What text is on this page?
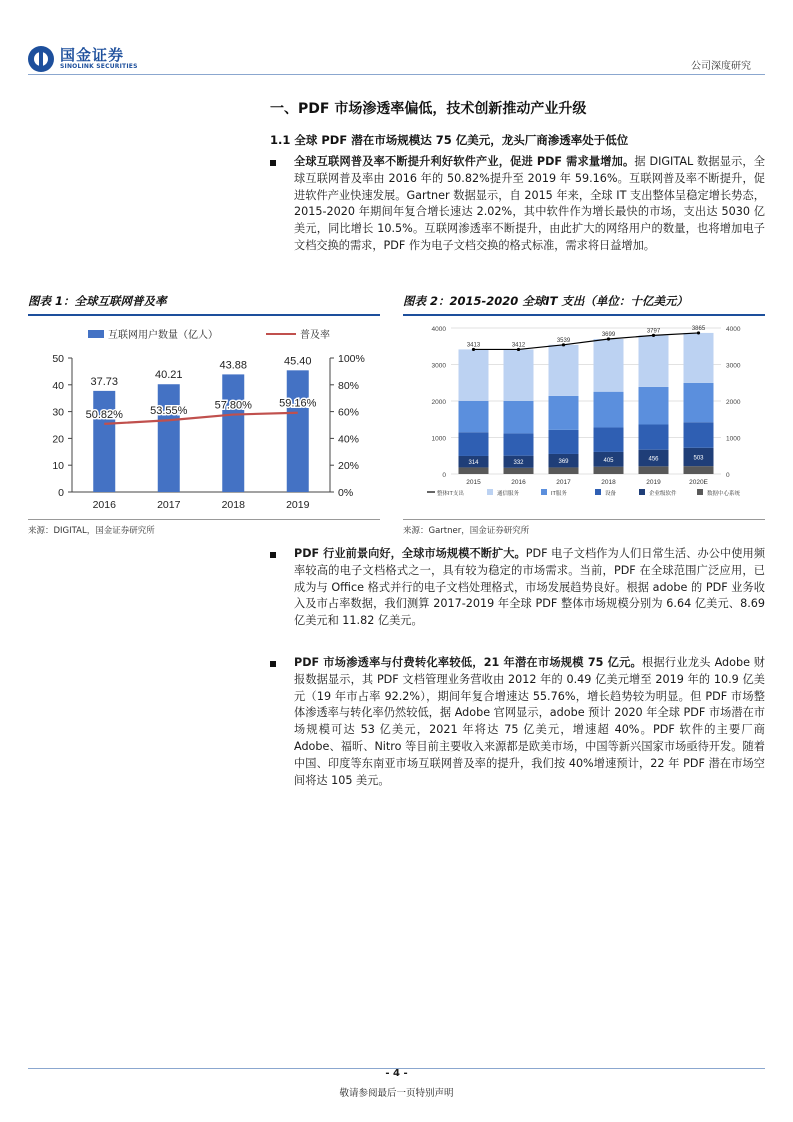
国金证券
SINOLINK SECURITIES	公司深度研究
一、PDF 市场渗透率偏低，技术创新推动产业升级
1.1 全球 PDF 潜在市场规模达 75 亿美元，龙头厂商渗透率处于低位
全球互联网普及率不断提升利好软件产业，促进 PDF 需求量增加。据 DIGITAL 数据显示，全球互联网普及率由 2016 年的 50.82%提升至 2019 年 59.16%。互联网普及率不断提升，促进软件产业快速发展。Gartner 数据显示，自 2015 年来，全球 IT 支出整体呈稳定增长势态，2015-2020 年期间年复合增长速达 2.02%，其中软件作为增长最快的市场，支出达 5030 亿美元，同比增长 10.5%。互联网渗透率不断提升，由此扩大的网络用户的数量，也将增加电子文档交换的需求，PDF 作为电子文档交换的格式标准，需求将日益增加。
图表 1：全球互联网普及率
互联网用户数量（亿人）	普及率
0
10
20
30
40
50
0%
20%
40%
60%
80%
100%
37.73
2016
40.21
2017
43.88
2018
45.40
2019
50.82% 53.55% 57.80% 59.16%
来源：DIGITAL，国金证券研究所
图表 2：2015-2020 全球IT 支出（单位：十亿美元）
0
1000
2000
3000
4000
0
1000
2000
3000
4000
314
2015
332
2016
369
2017
405
2018
456
2019
503
2020E
3413	3412
3539
3699
3797	3865
整体IT支出	通信服务	IT服务	设备	企业级软件	数据中心系统
来源：Gartner，国金证券研究所
PDF 行业前景向好，全球市场规模不断扩大。PDF 电子文档作为人们日常生活、办公中使用频率较高的电子文档格式之一，具有较为稳定的市场需求。当前，PDF 在全球范围广泛应用，已成为与 Office 格式并行的电子文档处理格式，市场发展趋势良好。根据 adobe 的 PDF 业务收入及市占率数据，我们测算 2017-2019 年全球 PDF 整体市场规模分别为 6.64 亿美元、8.69 亿美元和 11.82 亿美元。
PDF 市场渗透率与付费转化率较低，21 年潜在市场规模 75 亿元。根据行业龙头 Adobe 财报数据显示，其 PDF 文档管理业务营收由 2012 年的 0.49 亿美元增至 2019 年的 10.9 亿美元（19 年市占率 92.2%），期间年复合增速达 55.76%，增长趋势较为明显。但 PDF 市场整体渗透率与转化率仍然较低，据 Adobe 官网显示，adobe 预计 2020 年全球 PDF 市场潜在市场规模可达 53 亿美元，2021 年将达 75 亿美元，增速超 40%。PDF 软件的主要厂商 Adobe、福昕、Nitro 等目前主要收入来源都是欧美市场，中国等新兴国家市场亟待开发。随着中国、印度等东南亚市场互联网普及率的提升，我们按 40%增速预计，22 年 PDF 潜在市场空间将达 105 美元。
- 4 -
敬请参阅最后一页特别声明
